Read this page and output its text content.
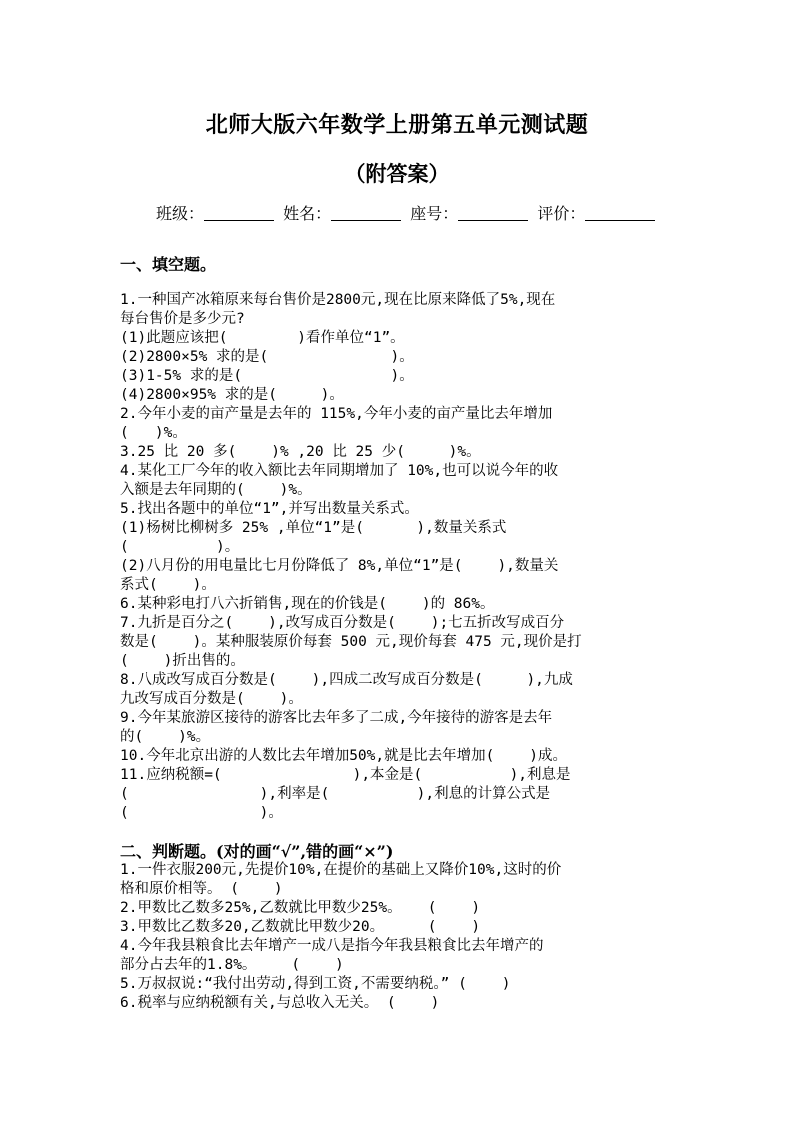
北师大版六年数学上册第五单元测试题
（附答案）
班级：	姓名：	座号：	评价：
一、填空题。
1.一种国产冰箱原来每台售价是2800元,现在比原来降低了5%,现在
每台售价是多少元?
(1)此题应该把(        )看作单位“1”。
(2)2800×5% 求的是(              )。
(3)1-5% 求的是(                 )。
(4)2800×95% 求的是(     )。
2.今年小麦的亩产量是去年的 115%,今年小麦的亩产量比去年增加
(   )%。
3.25 比 20 多(    )% ,20 比 25 少(     )%。
4.某化工厂今年的收入额比去年同期增加了 10%,也可以说今年的收
入额是去年同期的(    )%。
5.找出各题中的单位“1”,并写出数量关系式。
(1)杨树比柳树多 25% ,单位“1”是(      ),数量关系式
(          )。
(2)八月份的用电量比七月份降低了 8%,单位“1”是(    ),数量关
系式(    )。
6.某种彩电打八六折销售,现在的价钱是(    )的 86%。
7.九折是百分之(    ),改写成百分数是(    );七五折改写成百分
数是(    )。某种服装原价每套 500 元,现价每套 475 元,现价是打
(    )折出售的。
8.八成改写成百分数是(    ),四成二改写成百分数是(     ),九成
九改写成百分数是(    )。
9.今年某旅游区接待的游客比去年多了二成,今年接待的游客是去年
的(    )%。
10.今年北京出游的人数比去年增加50%,就是比去年增加(    )成。
11.应纳税额=(               ),本金是(          ),利息是
(               ),利率是(          ),利息的计算公式是
(               )。
二、判断题。(对的画“√”,错的画“×”)
1.一件衣服200元,先提价10%,在提价的基础上又降价10%,这时的价
格和原价相等。 (    )
2.甲数比乙数多25%,乙数就比甲数少25%。   (    )
3.甲数比乙数多20,乙数就比甲数少20。     (    )
4.今年我县粮食比去年增产一成八是指今年我县粮食比去年增产的
部分占去年的1.8%。    (    )
5.万叔叔说:“我付出劳动,得到工资,不需要纳税。” (    )
6.税率与应纳税额有关,与总收入无关。 (    )
